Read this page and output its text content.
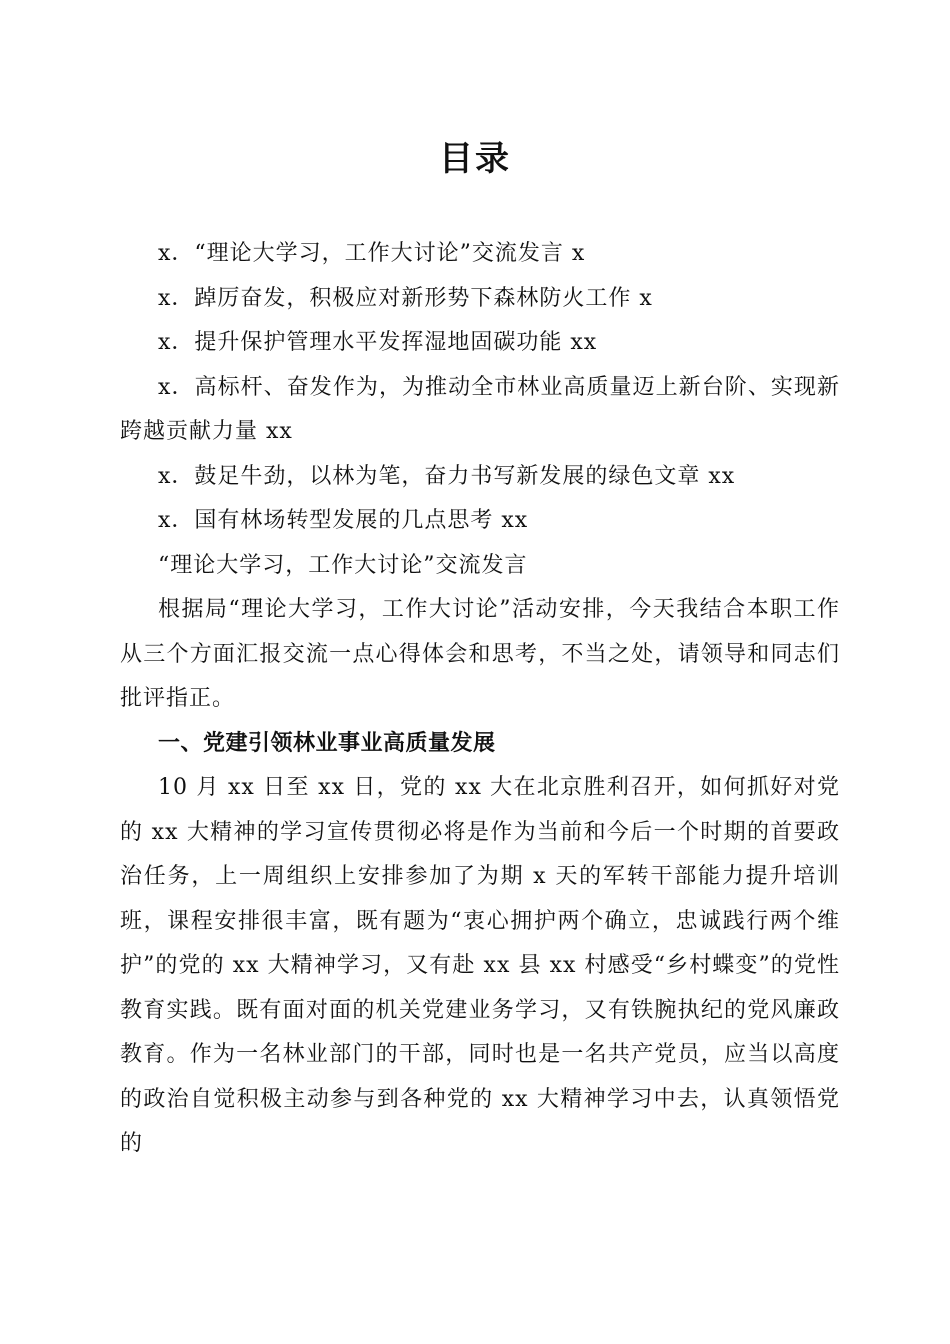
目录

x．“理论大学习，工作大讨论”交流发言 x

x．踔厉奋发，积极应对新形势下森林防火工作 x

x．提升保护管理水平发挥湿地固碳功能 xx

x．高标杆、奋发作为，为推动全市林业高质量迈上新台阶、实现新跨越贡献力量 xx

x．鼓足牛劲，以林为笔，奋力书写新发展的绿色文章 xx

x．国有林场转型发展的几点思考 xx

“理论大学习，工作大讨论”交流发言

根据局“理论大学习，工作大讨论”活动安排，今天我结合本职工作从三个方面汇报交流一点心得体会和思考，不当之处，请领导和同志们批评指正。

一、党建引领林业事业高质量发展

10 月 xx 日至 xx 日，党的 xx 大在北京胜利召开，如何抓好对党的 xx 大精神的学习宣传贯彻必将是作为当前和今后一个时期的首要政治任务，上一周组织上安排参加了为期 x 天的军转干部能力提升培训班，课程安排很丰富，既有题为“衷心拥护两个确立，忠诚践行两个维护”的党的 xx 大精神学习，又有赴 xx 县 xx 村感受“乡村蝶变”的党性教育实践。既有面对面的机关党建业务学习，又有铁腕执纪的党风廉政教育。作为一名林业部门的干部，同时也是一名共产党员，应当以高度的政治自觉积极主动参与到各种党的 xx 大精神学习中去，认真领悟党的
